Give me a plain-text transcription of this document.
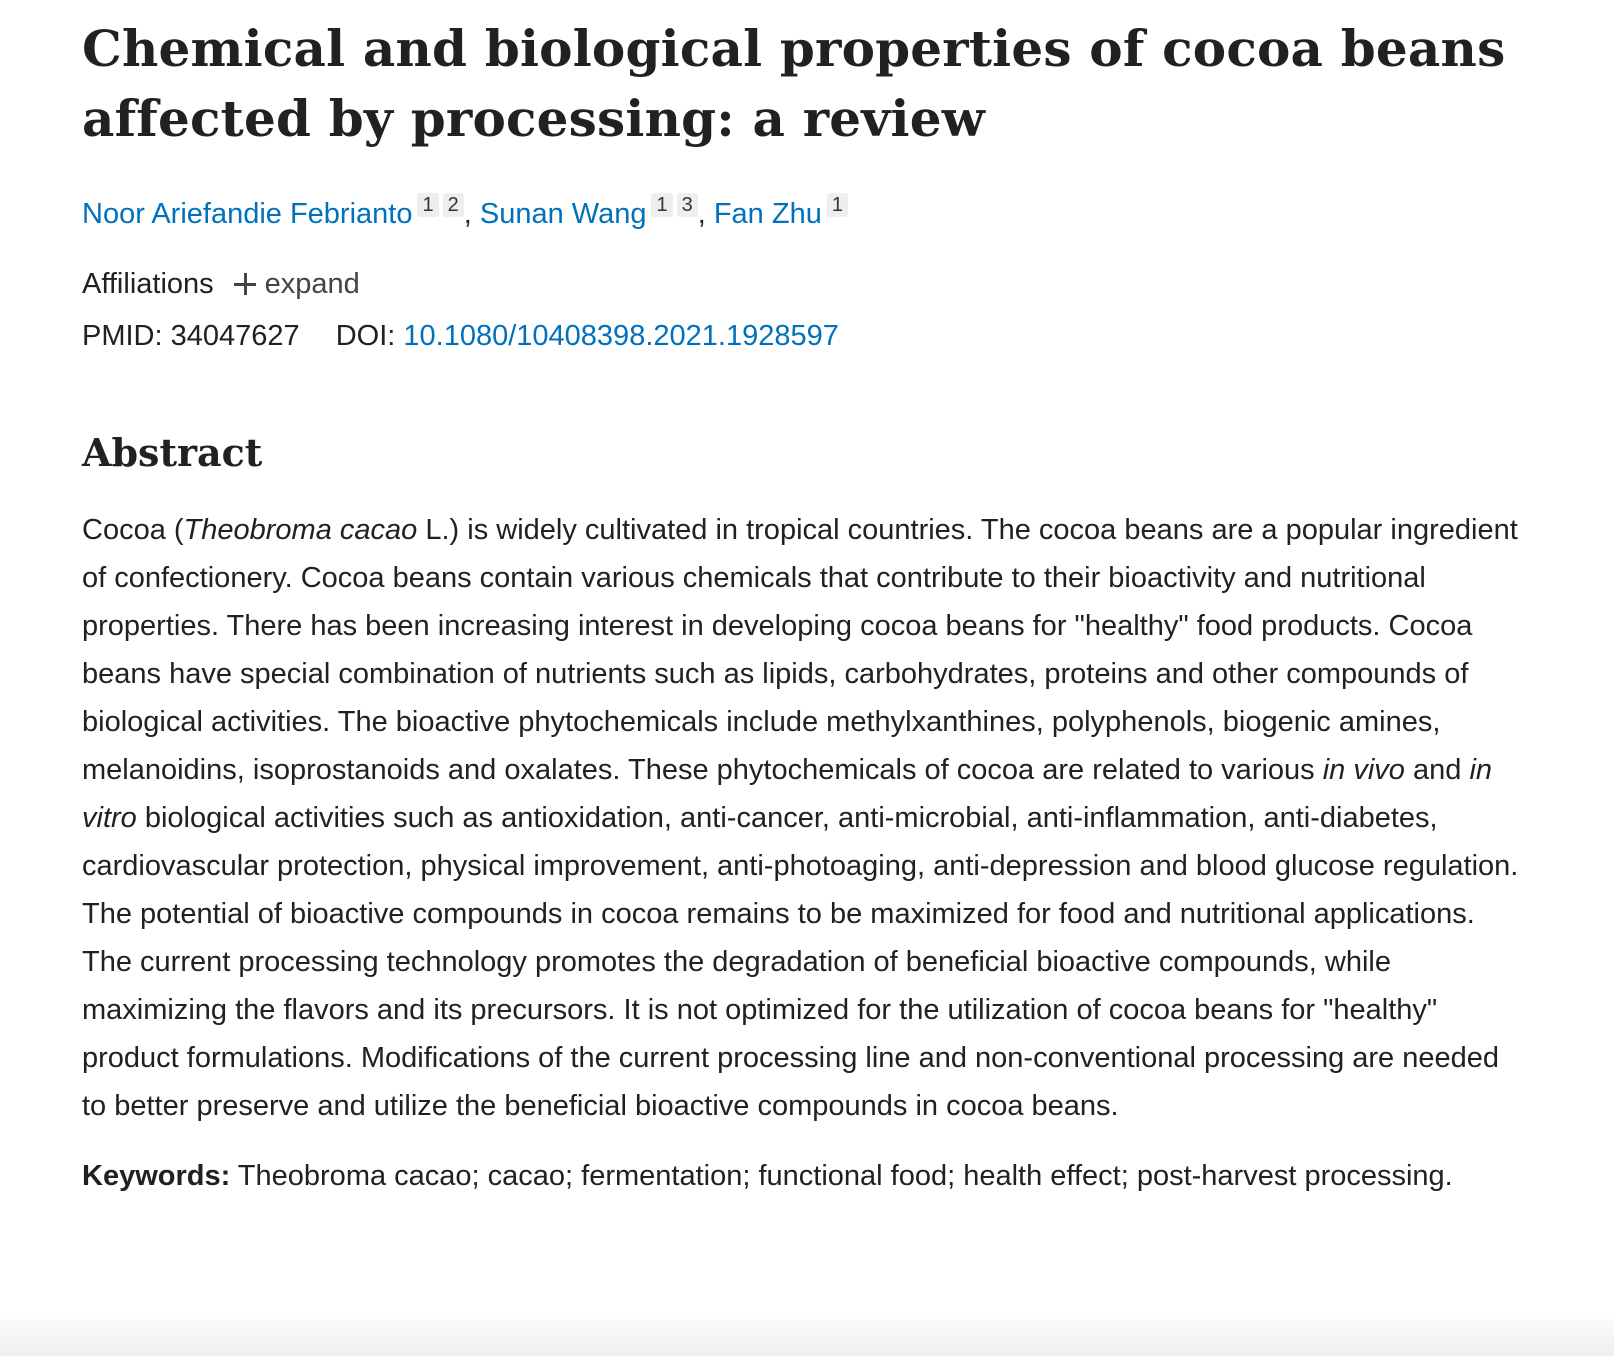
Chemical and biological properties of cocoa beans affected by processing: a review
Noor Ariefandie Febrianto 1 2 , Sunan Wang 1 3 , Fan Zhu 1
Affiliations expand
PMID: 34047627 DOI: 10.1080/10408398.2021.1928597
Abstract

Cocoa (Theobroma cacao L.) is widely cultivated in tropical countries. The cocoa beans are a popular ingredient of confectionery. Cocoa beans contain various chemicals that contribute to their bioactivity and nutritional properties. There has been increasing interest in developing cocoa beans for "healthy" food products. Cocoa beans have special combination of nutrients such as lipids, carbohydrates, proteins and other compounds of biological activities. The bioactive phytochemicals include methylxanthines, polyphenols, biogenic amines, melanoidins, isoprostanoids and oxalates. These phytochemicals of cocoa are related to various in vivo and in vitro biological activities such as antioxidation, anti-cancer, anti-microbial, anti-inflammation, anti-diabetes, cardiovascular protection, physical improvement, anti-photoaging, anti-depression and blood glucose regulation. The potential of bioactive compounds in cocoa remains to be maximized for food and nutritional applications. The current processing technology promotes the degradation of beneficial bioactive compounds, while maximizing the flavors and its precursors. It is not optimized for the utilization of cocoa beans for "healthy" product formulations. Modifications of the current processing line and non-conventional processing are needed to better preserve and utilize the beneficial bioactive compounds in cocoa beans.

Keywords: Theobroma cacao; cacao; fermentation; functional food; health effect; post-harvest processing.
